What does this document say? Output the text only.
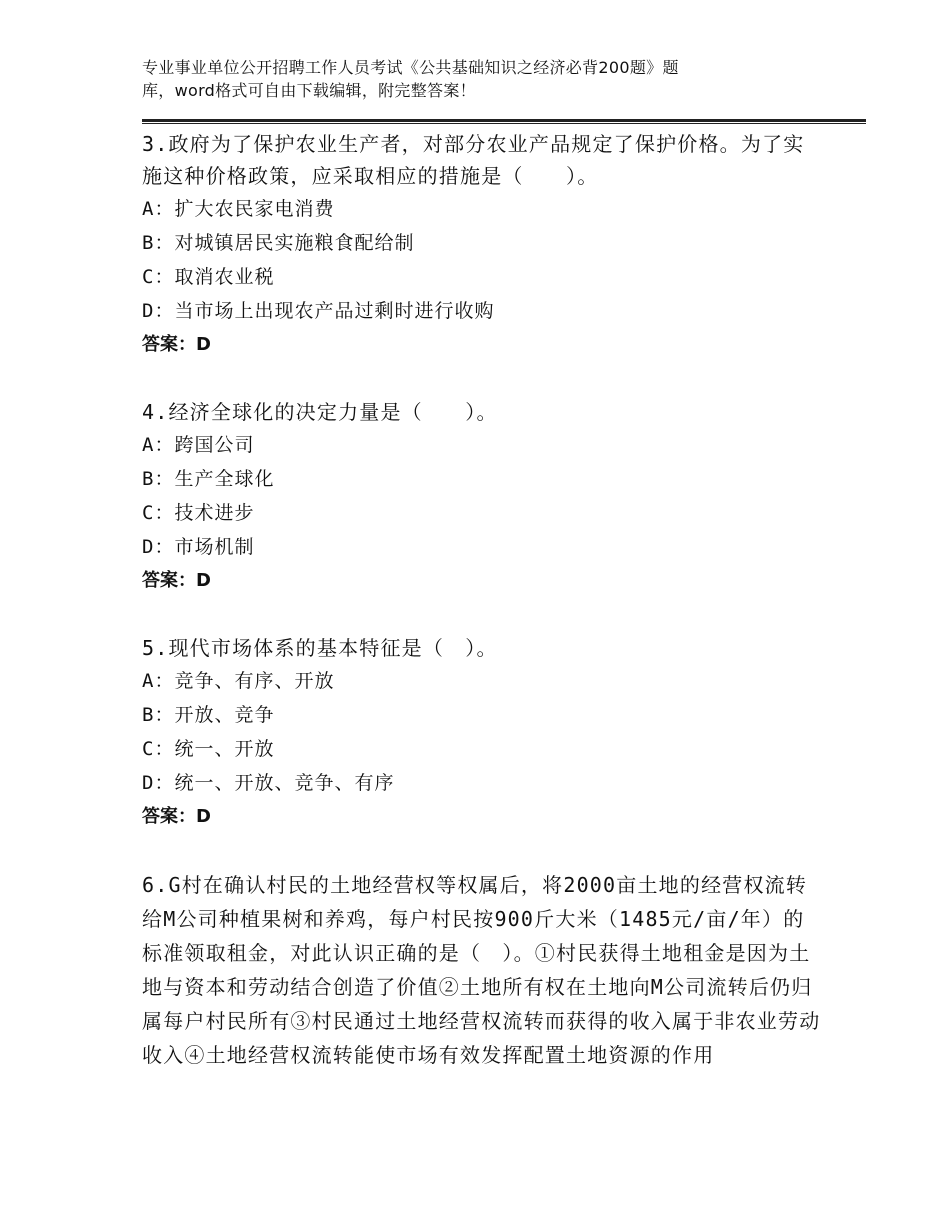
专业事业单位公开招聘工作人员考试《公共基础知识之经济必背200题》题
库，word格式可自由下载编辑，附完整答案！

3.政府为了保护农业生产者，对部分农业产品规定了保护价格。为了实施这种价格政策，应采取相应的措施是（　　）。

A：扩大农民家电消费

B：对城镇居民实施粮食配给制

C：取消农业税

D：当市场上出现农产品过剩时进行收购

答案：D

4.经济全球化的决定力量是（　　）。

A：跨国公司

B：生产全球化

C：技术进步

D：市场机制

答案：D

5.现代市场体系的基本特征是（　）。

A：竞争、有序、开放

B：开放、竞争

C：统一、开放

D：统一、开放、竞争、有序

答案：D

6.G村在确认村民的土地经营权等权属后，将2000亩土地的经营权流转给M公司种植果树和养鸡，每户村民按900斤大米（1485元/亩/年）的标准领取租金，对此认识正确的是（　）。①村民获得土地租金是因为土地与资本和劳动结合创造了价值②土地所有权在土地向M公司流转后仍归属每户村民所有③村民通过土地经营权流转而获得的收入属于非农业劳动收入④土地经营权流转能使市场有效发挥配置土地资源的作用
